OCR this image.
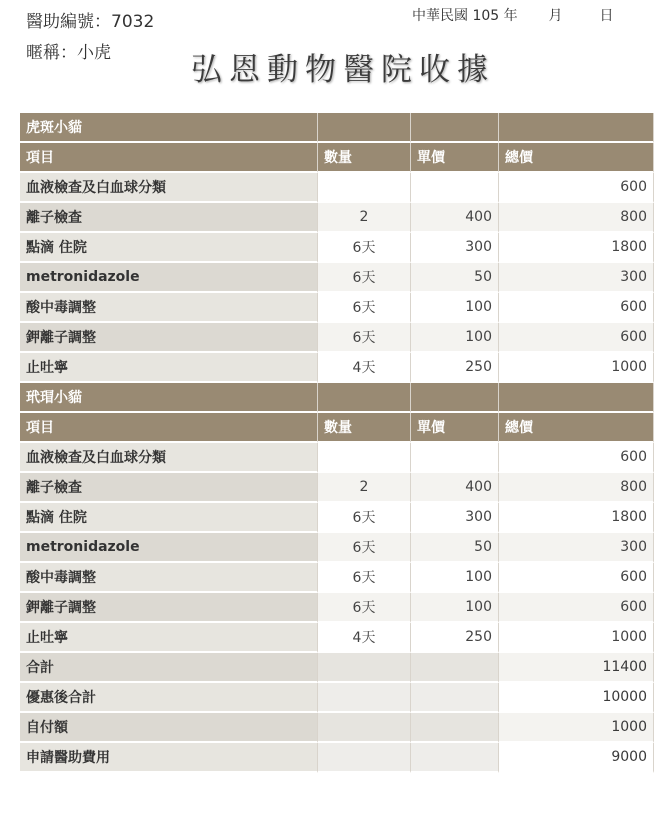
醫助編號：7032
暱稱：小虎
中華民國 105 年 月	日
弘恩動物醫院收據
虎斑小貓			
項目	數量	單價	總價
血液檢查及白血球分類			600
離子檢查	2	400	800
點滴 住院	6天	300	1800
metronidazole	6天	50	300
酸中毒調整	6天	100	600
鉀離子調整	6天	100	600
止吐寧	4天	250	1000
玳瑁小貓			
項目	數量	單價	總價
血液檢查及白血球分類			600
離子檢查	2	400	800
點滴 住院	6天	300	1800
metronidazole	6天	50	300
酸中毒調整	6天	100	600
鉀離子調整	6天	100	600
止吐寧	4天	250	1000
合計			11400
優惠後合計			10000
自付額			1000
申請醫助費用			9000
